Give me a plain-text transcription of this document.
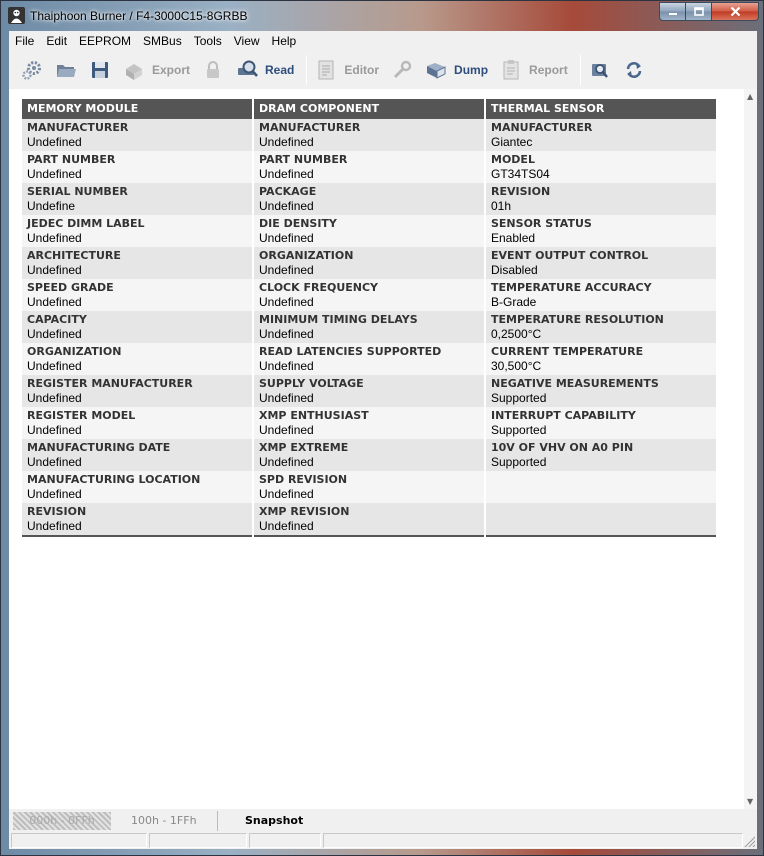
Thaiphoon Burner / F4-3000C15-8GRBB
File	Edit	EEPROM	SMBus	Tools	View	Help
Export	Read	Editor	Dump	Report
MEMORY MODULE
MANUFACTURER
Undefined
PART NUMBER
Undefined
SERIAL NUMBER
Undefine
JEDEC DIMM LABEL
Undefined
ARCHITECTURE
Undefined
SPEED GRADE
Undefined
CAPACITY
Undefined
ORGANIZATION
Undefined
REGISTER MANUFACTURER
Undefined
REGISTER MODEL
Undefined
MANUFACTURING DATE
Undefined
MANUFACTURING LOCATION
Undefined
REVISION
Undefined
DRAM COMPONENT
MANUFACTURER
Undefined
PART NUMBER
Undefined
PACKAGE
Undefined
DIE DENSITY
Undefined
ORGANIZATION
Undefined
CLOCK FREQUENCY
Undefined
MINIMUM TIMING DELAYS
Undefined
READ LATENCIES SUPPORTED
Undefined
SUPPLY VOLTAGE
Undefined
XMP ENTHUSIAST
Undefined
XMP EXTREME
Undefined
SPD REVISION
Undefined
XMP REVISION
Undefined
THERMAL SENSOR
MANUFACTURER
Giantec
MODEL
GT34TS04
REVISION
01h
SENSOR STATUS
Enabled
EVENT OUTPUT CONTROL
Disabled
TEMPERATURE ACCURACY
B-Grade
TEMPERATURE RESOLUTION
0,2500°C
CURRENT TEMPERATURE
30,500°C
NEGATIVE MEASUREMENTS
Supported
INTERRUPT CAPABILITY
Supported
10V OF VHV ON A0 PIN
Supported
▲
▼
000h - 0FFh	100h - 1FFh	Snapshot
